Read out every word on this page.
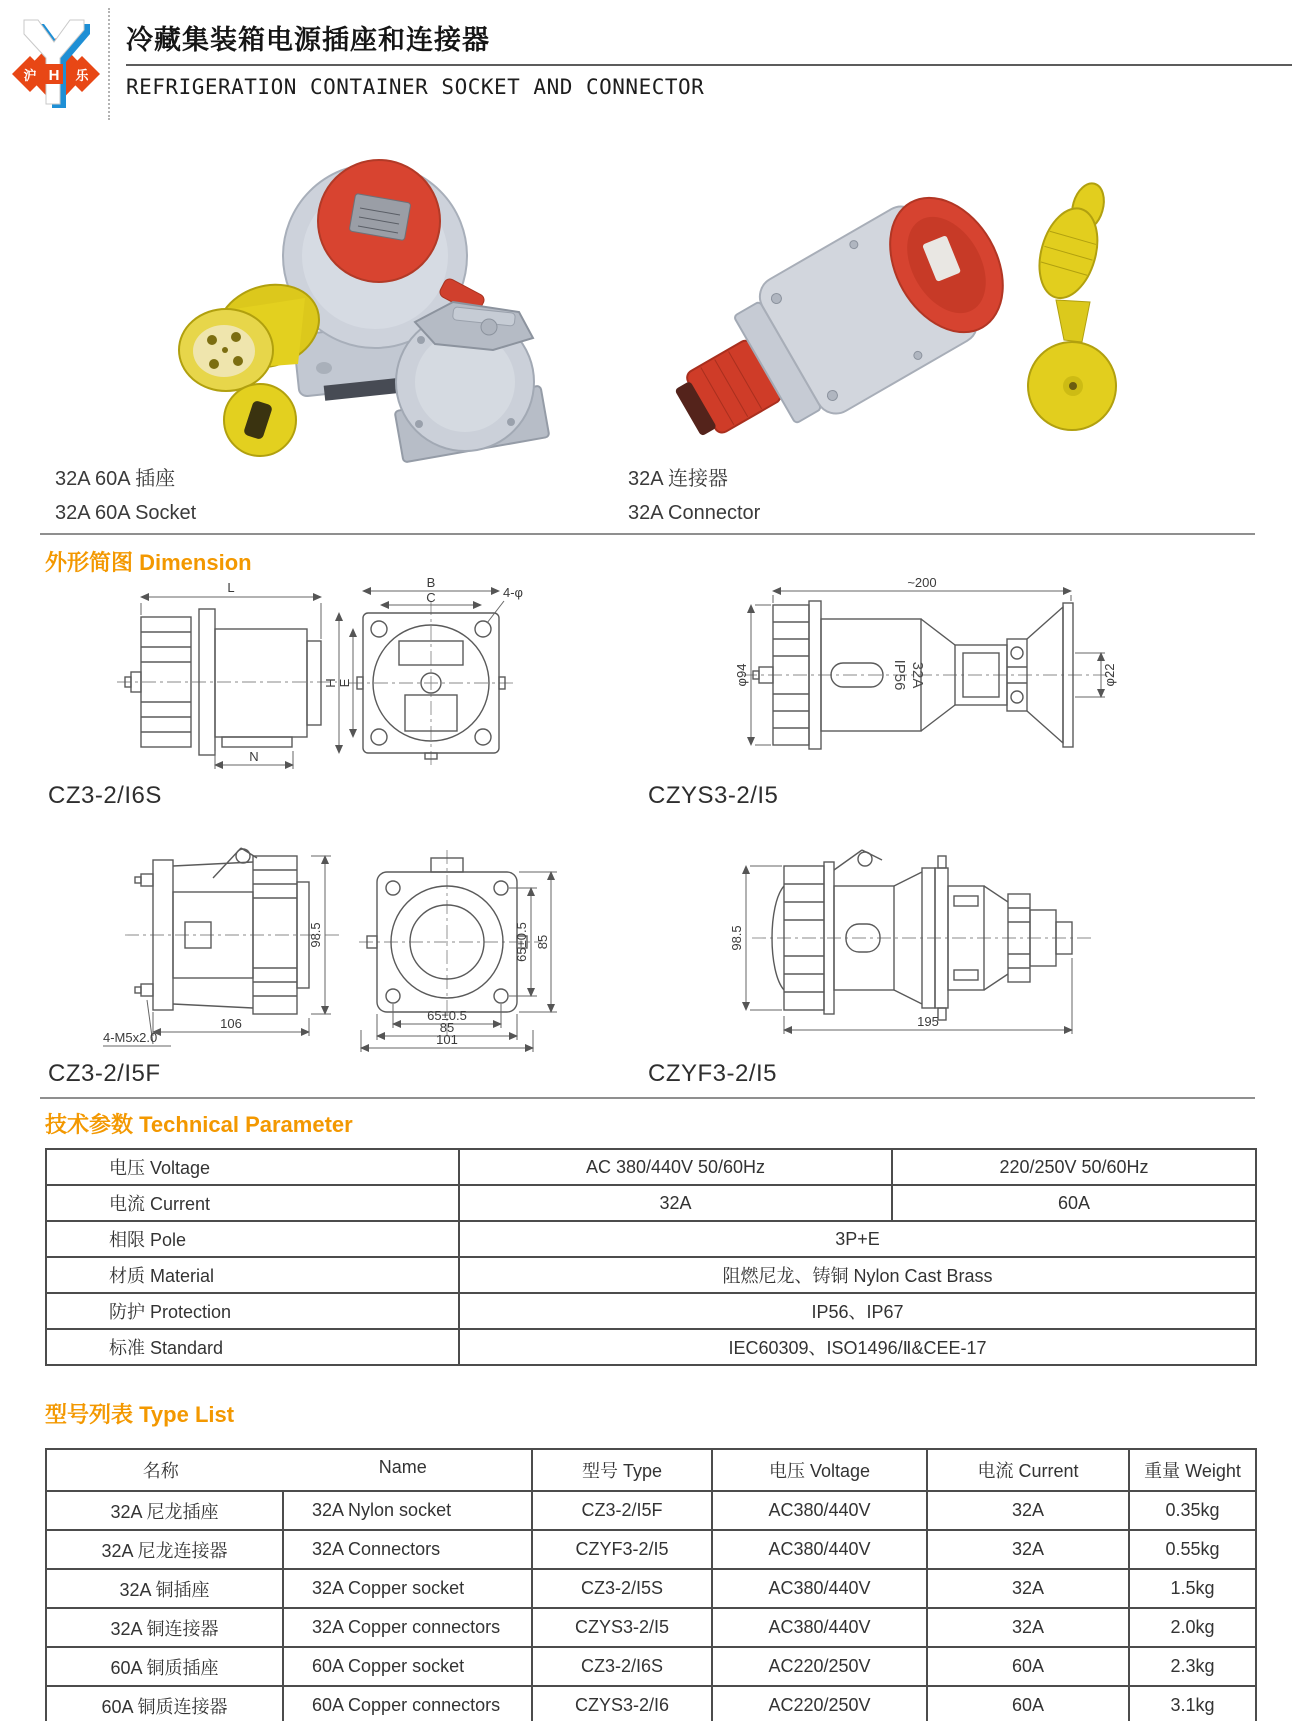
沪 H 乐
冷藏集装箱电源插座和连接器
REFRIGERATION CONTAINER SOCKET AND CONNECTOR
32A 60A 插座
32A 60A Socket
32A 连接器
32A Connector
外形简图 Dimension
L
N
B
C
H E
4-φ
~200
φ94	φ22
IP56 32A
CZ3-2/I6S	CZYS3-2/I5
98.5
106
4-M5x2.0
65±0.5 85
65±0.5
85
101
98.5
195
CZ3-2/I5F	CZYF3-2/I5
技术参数 Technical Parameter
电压 Voltage	AC 380/440V 50/60Hz	220/250V 50/60Hz
电流 Current	32A	60A
相限 Pole	3P+E	
材质 Material	阻燃尼龙、铸铜 Nylon Cast Brass	
防护 Protection	IP56、IP67	
标准 Standard	IEC60309、ISO1496/Ⅱ&CEE-17	
型号列表 Type List
名称 Name		型号 Type	电压 Voltage	电流 Current	重量 Weight
32A 尼龙插座	32A Nylon socket	CZ3-2/I5F	AC380/440V	32A	0.35kg
32A 尼龙连接器	32A Connectors	CZYF3-2/I5	AC380/440V	32A	0.55kg
32A 铜插座	32A Copper socket	CZ3-2/I5S	AC380/440V	32A	1.5kg
32A 铜连接器	32A Copper connectors	CZYS3-2/I5	AC380/440V	32A	2.0kg
60A 铜质插座	60A Copper socket	CZ3-2/I6S	AC220/250V	60A	2.3kg
60A 铜质连接器	60A Copper connectors	CZYS3-2/I6	AC220/250V	60A	3.1kg
